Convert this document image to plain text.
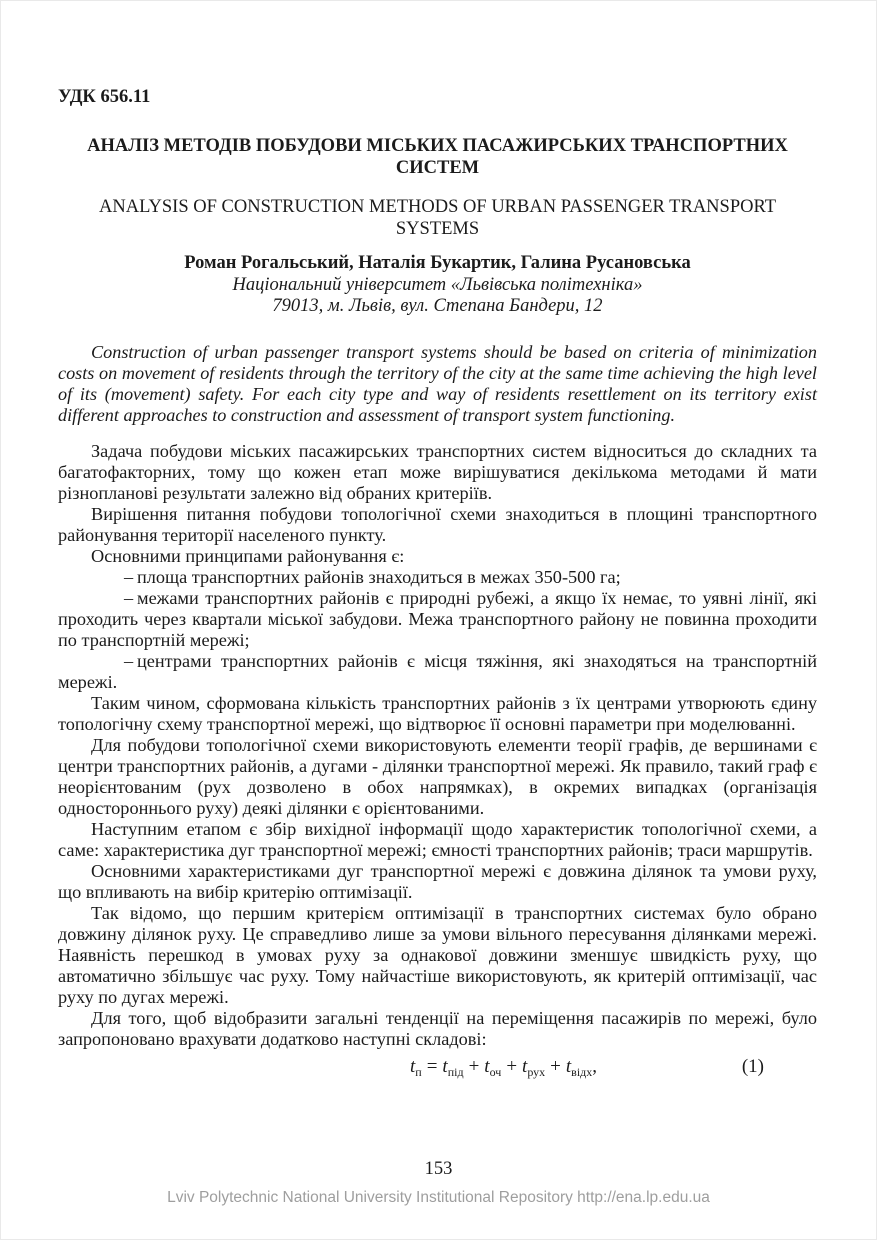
УДК 656.11
АНАЛІЗ МЕТОДІВ ПОБУДОВИ МІСЬКИХ ПАСАЖИРСЬКИХ ТРАНСПОРТНИХ СИСТЕМ
ANALYSIS OF CONSTRUCTION METHODS OF URBAN PASSENGER TRANSPORT SYSTEMS
Роман Рогальський, Наталія Букартик, Галина Русановська
Національний університет «Львівська політехніка»
79013, м. Львів, вул. Степана Бандери, 12
Construction of urban passenger transport systems should be based on criteria of minimization costs on movement of residents through the territory of the city at the same time achieving the high level of its (movement) safety. For each city type and way of residents resettlement on its territory exist different approaches to construction and assessment of transport system functioning.

Задача побудови міських пасажирських транспортних систем відноситься до складних та багатофакторних, тому що кожен етап може вирішуватися декількома методами й мати різнопланові результати залежно від обраних критеріїв.

Вирішення питання побудови топологічної схеми знаходиться в площині транспортного районування території населеного пункту.

Основними принципами районування є:

– площа транспортних районів знаходиться в межах 350-500 га;

– межами транспортних районів є природні рубежі, а якщо їх немає, то уявні лінії, які проходить через квартали міської забудови. Межа транспортного району не повинна проходити по транспортній мережі;

– центрами транспортних районів є місця тяжіння, які знаходяться на транспортній мережі.

Таким чином, сформована кількість транспортних районів з їх центрами утворюють єдину топологічну схему транспортної мережі, що відтворює її основні параметри при моделюванні.

Для побудови топологічної схеми використовують елементи теорії графів, де вершинами є центри транспортних районів, а дугами - ділянки транспортної мережі. Як правило, такий граф є неорієнтованим (рух дозволено в обох напрямках), в окремих випадках (організація одностороннього руху) деякі ділянки є орієнтованими.

Наступним етапом є збір вихідної інформації щодо характеристик топологічної схеми, а саме: характеристика дуг транспортної мережі; ємності транспортних районів; траси маршрутів.

Основними характеристиками дуг транспортної мережі є довжина ділянок та умови руху, що впливають на вибір критерію оптимізації.

Так відомо, що першим критерієм оптимізації в транспортних системах було обрано довжину ділянок руху. Це справедливо лише за умови вільного пересування ділянками мережі. Наявність перешкод в умовах руху за однакової довжини зменшує швидкість руху, що автоматично збільшує час руху. Тому найчастіше використовують, як критерій оптимізації, час руху по дугах мережі.

Для того, щоб відобразити загальні тенденції на переміщення пасажирів по мережі, було запропоновано врахувати додатково наступні складові:

$t_п = t_{під} + t_{оч} + t_{рух} + t_{відх}$,	(1)
153
Lviv Polytechnic National University Institutional Repository http://ena.lp.edu.ua
